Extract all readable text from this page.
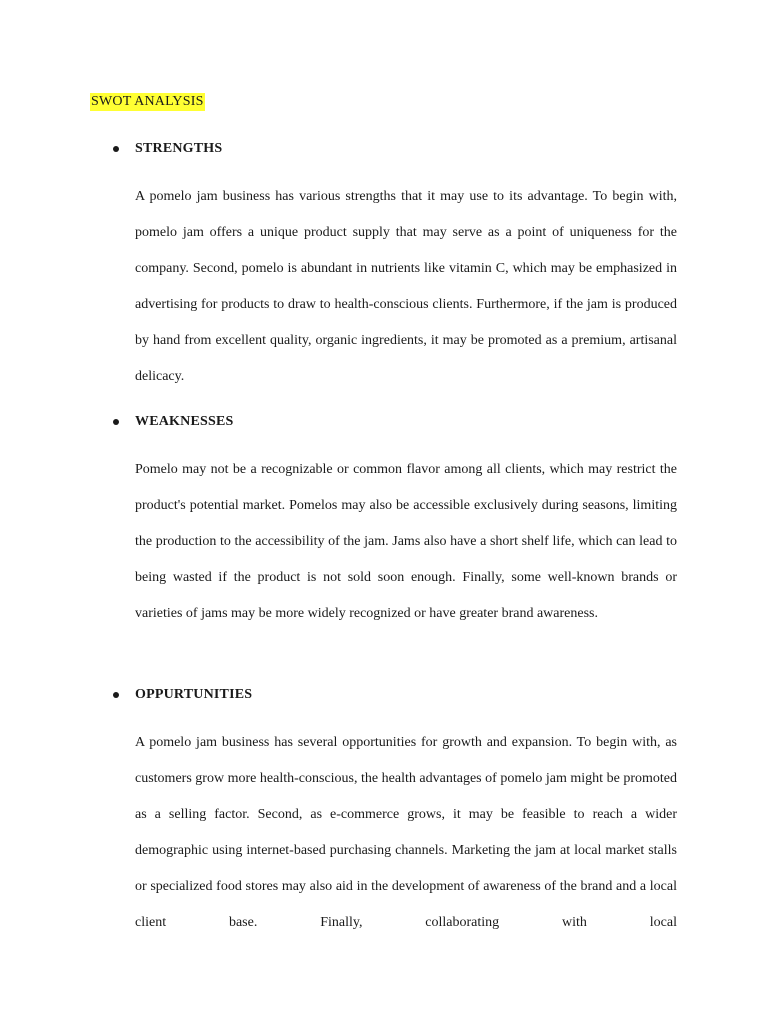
SWOT ANALYSIS
STRENGTHS

A pomelo jam business has various strengths that it may use to its advantage. To begin with, pomelo jam offers a unique product supply that may serve as a point of uniqueness for the company. Second, pomelo is abundant in nutrients like vitamin C, which may be emphasized in advertising for products to draw to health-conscious clients. Furthermore, if the jam is produced by hand from excellent quality, organic ingredients, it may be promoted as a premium, artisanal delicacy.

WEAKNESSES

Pomelo may not be a recognizable or common flavor among all clients, which may restrict the product's potential market. Pomelos may also be accessible exclusively during seasons, limiting the production to the accessibility of the jam. Jams also have a short shelf life, which can lead to being wasted if the product is not sold soon enough. Finally, some well-known brands or varieties of jams may be more widely recognized or have greater brand awareness.

OPPURTUNITIES

A pomelo jam business has several opportunities for growth and expansion. To begin with, as customers grow more health-conscious, the health advantages of pomelo jam might be promoted as a selling factor. Second, as e-commerce grows, it may be feasible to reach a wider demographic using internet-based purchasing channels. Marketing the jam at local market stalls or specialized food stores may also aid in the development of awareness of the brand and a local client base. Finally, collaborating with local
